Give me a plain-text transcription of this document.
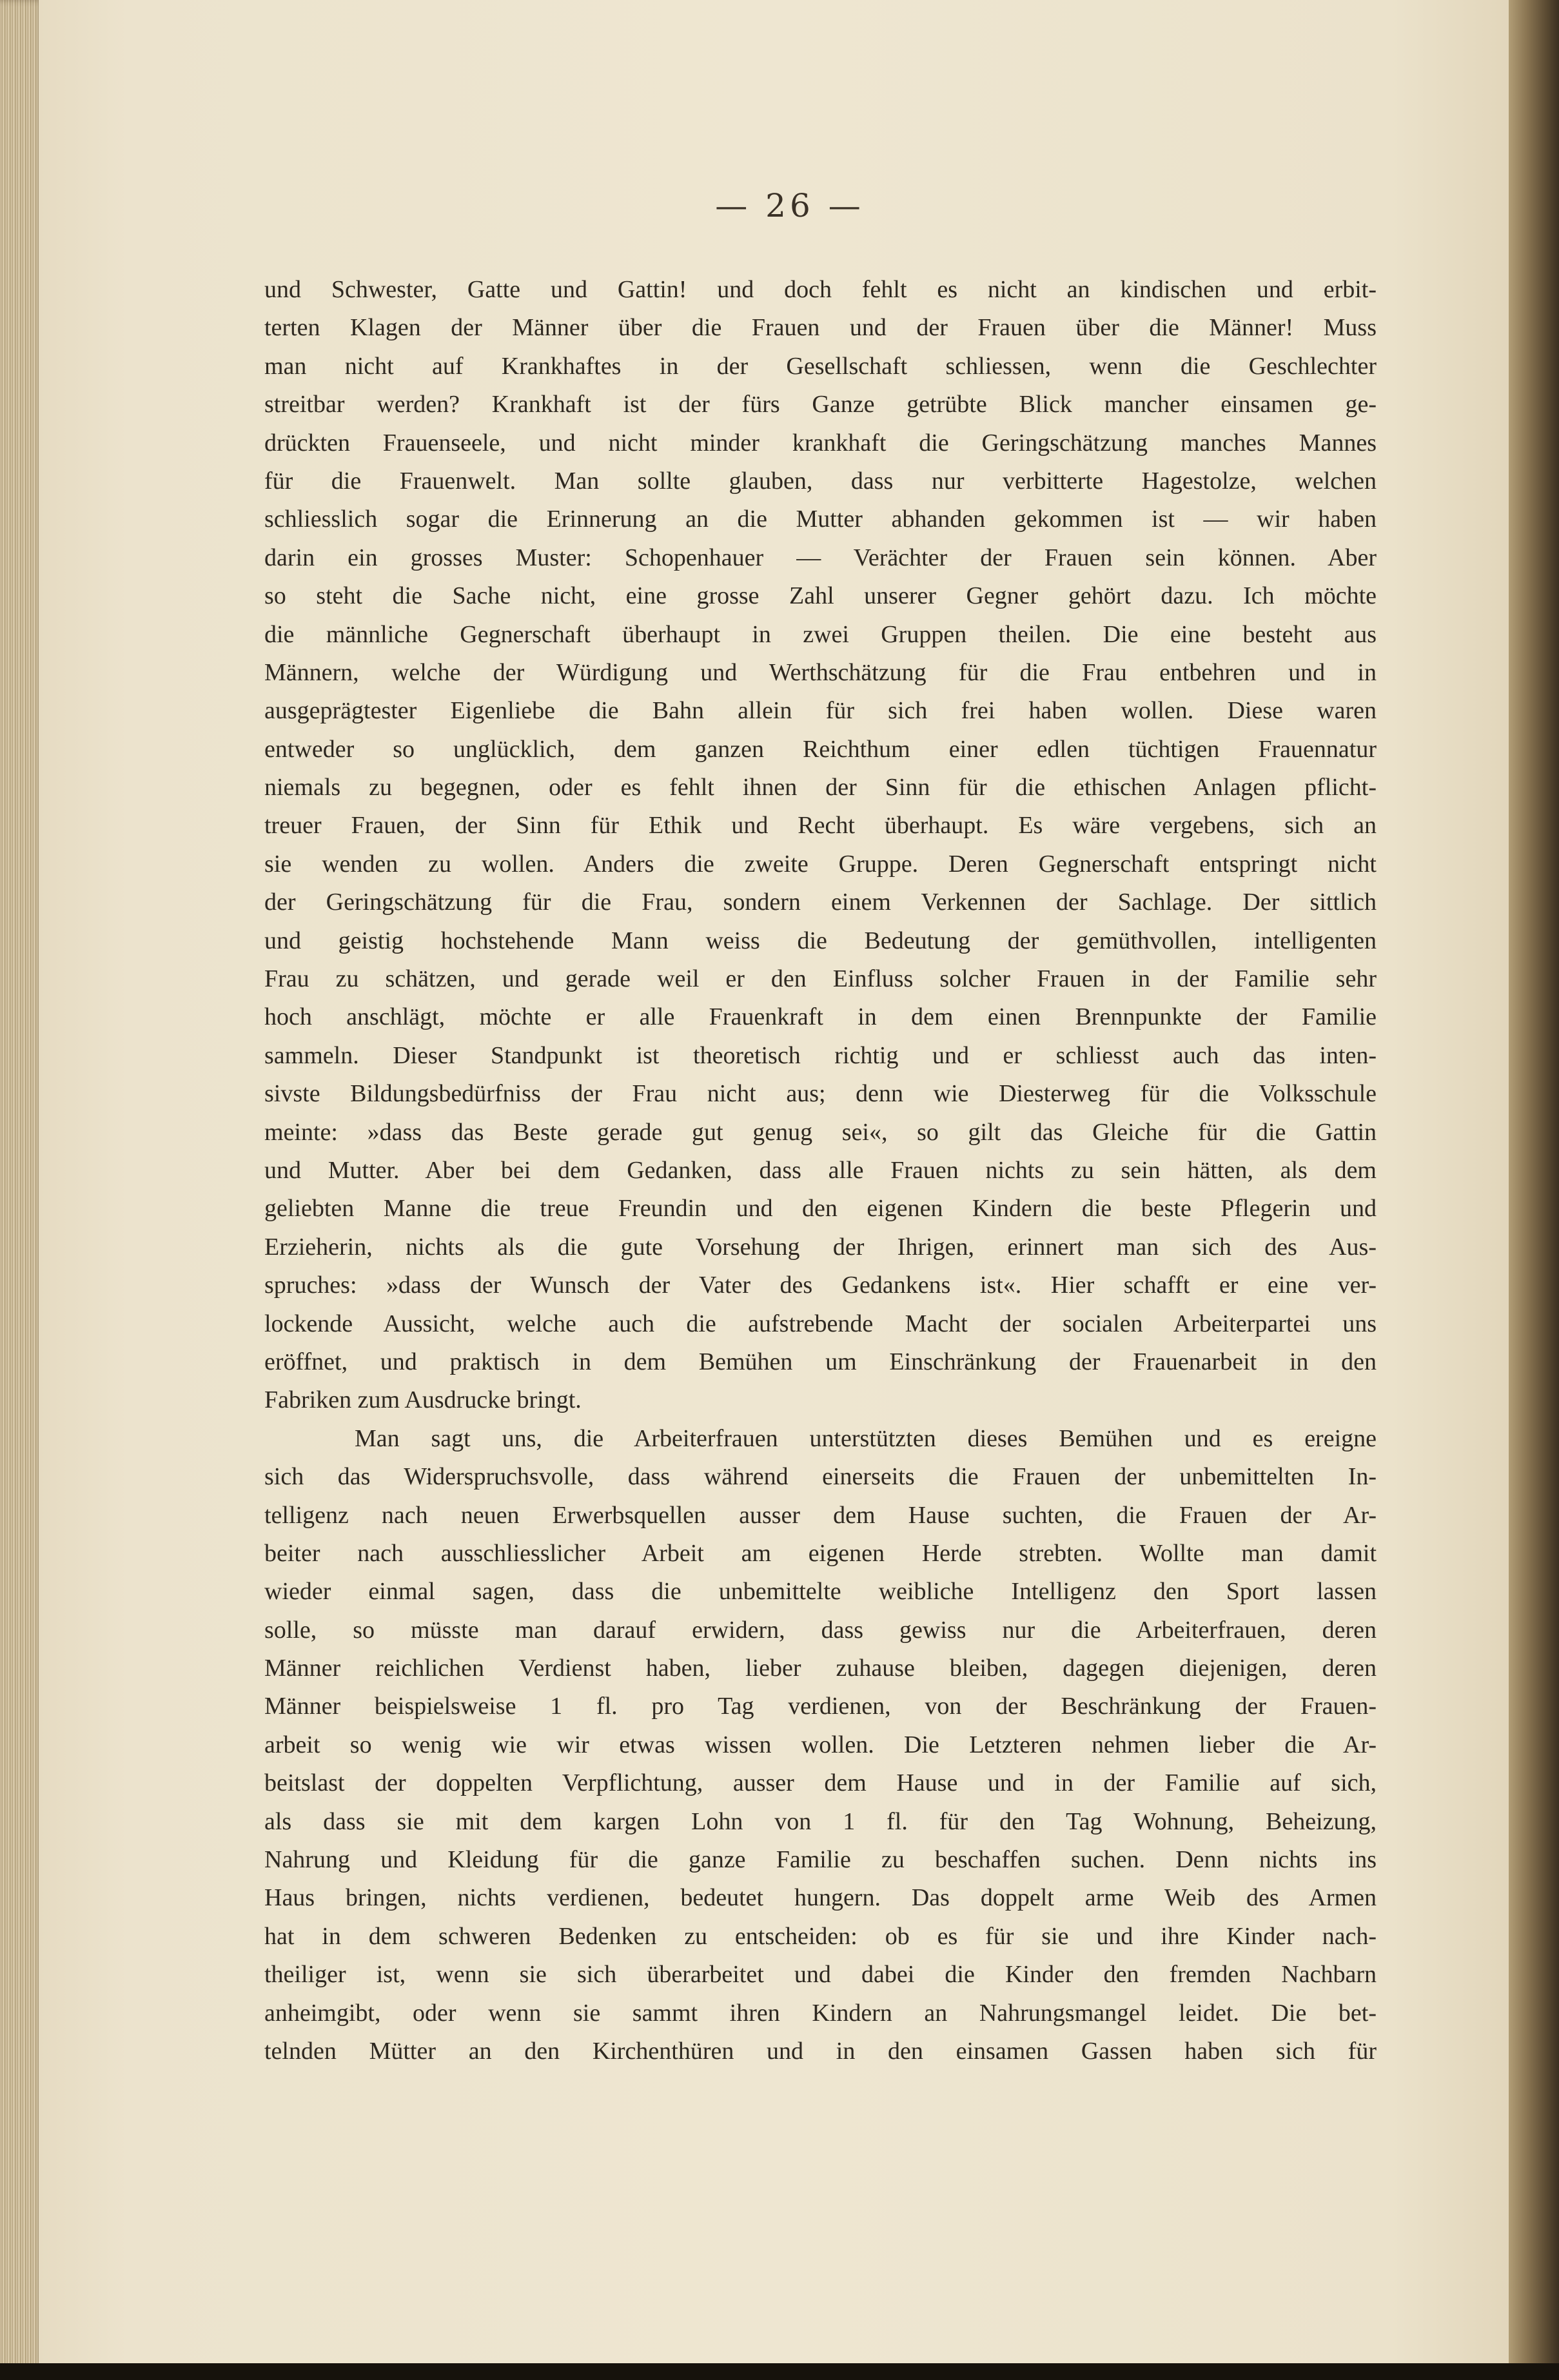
— 26 —
und Schwester, Gatte und Gattin! und doch fehlt es nicht an kindischen und erbit-
terten Klagen der Männer über die Frauen und der Frauen über die Männer! Muss
man nicht auf Krankhaftes in der Gesellschaft schliessen, wenn die Geschlechter
streitbar werden? Krankhaft ist der fürs Ganze getrübte Blick mancher einsamen ge-
drückten Frauenseele, und nicht minder krankhaft die Geringschätzung manches Mannes
für die Frauenwelt. Man sollte glauben, dass nur verbitterte Hagestolze, welchen
schliesslich sogar die Erinnerung an die Mutter abhanden gekommen ist — wir haben
darin ein grosses Muster: Schopenhauer — Verächter der Frauen sein können. Aber
so steht die Sache nicht, eine grosse Zahl unserer Gegner gehört dazu. Ich möchte
die männliche Gegnerschaft überhaupt in zwei Gruppen theilen. Die eine besteht aus
Männern, welche der Würdigung und Werthschätzung für die Frau entbehren und in
ausgeprägtester Eigenliebe die Bahn allein für sich frei haben wollen. Diese waren
entweder so unglücklich, dem ganzen Reichthum einer edlen tüchtigen Frauennatur
niemals zu begegnen, oder es fehlt ihnen der Sinn für die ethischen Anlagen pflicht-
treuer Frauen, der Sinn für Ethik und Recht überhaupt. Es wäre vergebens, sich an
sie wenden zu wollen. Anders die zweite Gruppe. Deren Gegnerschaft entspringt nicht
der Geringschätzung für die Frau, sondern einem Verkennen der Sachlage. Der sittlich
und geistig hochstehende Mann weiss die Bedeutung der gemüthvollen, intelligenten
Frau zu schätzen, und gerade weil er den Einfluss solcher Frauen in der Familie sehr
hoch anschlägt, möchte er alle Frauenkraft in dem einen Brennpunkte der Familie
sammeln. Dieser Standpunkt ist theoretisch richtig und er schliesst auch das inten-
sivste Bildungsbedürfniss der Frau nicht aus; denn wie Diesterweg für die Volksschule
meinte: »dass das Beste gerade gut genug sei«, so gilt das Gleiche für die Gattin
und Mutter. Aber bei dem Gedanken, dass alle Frauen nichts zu sein hätten, als dem
geliebten Manne die treue Freundin und den eigenen Kindern die beste Pflegerin und
Erzieherin, nichts als die gute Vorsehung der Ihrigen, erinnert man sich des Aus-
spruches: »dass der Wunsch der Vater des Gedankens ist«. Hier schafft er eine ver-
lockende Aussicht, welche auch die aufstrebende Macht der socialen Arbeiterpartei uns
eröffnet, und praktisch in dem Bemühen um Einschränkung der Frauenarbeit in den
Fabriken zum Ausdrucke bringt.
Man sagt uns, die Arbeiterfrauen unterstützten dieses Bemühen und es ereigne
sich das Widerspruchsvolle, dass während einerseits die Frauen der unbemittelten In-
telligenz nach neuen Erwerbsquellen ausser dem Hause suchten, die Frauen der Ar-
beiter nach ausschliesslicher Arbeit am eigenen Herde strebten. Wollte man damit
wieder einmal sagen, dass die unbemittelte weibliche Intelligenz den Sport lassen
solle, so müsste man darauf erwidern, dass gewiss nur die Arbeiterfrauen, deren
Männer reichlichen Verdienst haben, lieber zuhause bleiben, dagegen diejenigen, deren
Männer beispielsweise 1 fl. pro Tag verdienen, von der Beschränkung der Frauen-
arbeit so wenig wie wir etwas wissen wollen. Die Letzteren nehmen lieber die Ar-
beitslast der doppelten Verpflichtung, ausser dem Hause und in der Familie auf sich,
als dass sie mit dem kargen Lohn von 1 fl. für den Tag Wohnung, Beheizung,
Nahrung und Kleidung für die ganze Familie zu beschaffen suchen. Denn nichts ins
Haus bringen, nichts verdienen, bedeutet hungern. Das doppelt arme Weib des Armen
hat in dem schweren Bedenken zu entscheiden: ob es für sie und ihre Kinder nach-
theiliger ist, wenn sie sich überarbeitet und dabei die Kinder den fremden Nachbarn
anheimgibt, oder wenn sie sammt ihren Kindern an Nahrungsmangel leidet. Die bet-
telnden Mütter an den Kirchenthüren und in den einsamen Gassen haben sich für
